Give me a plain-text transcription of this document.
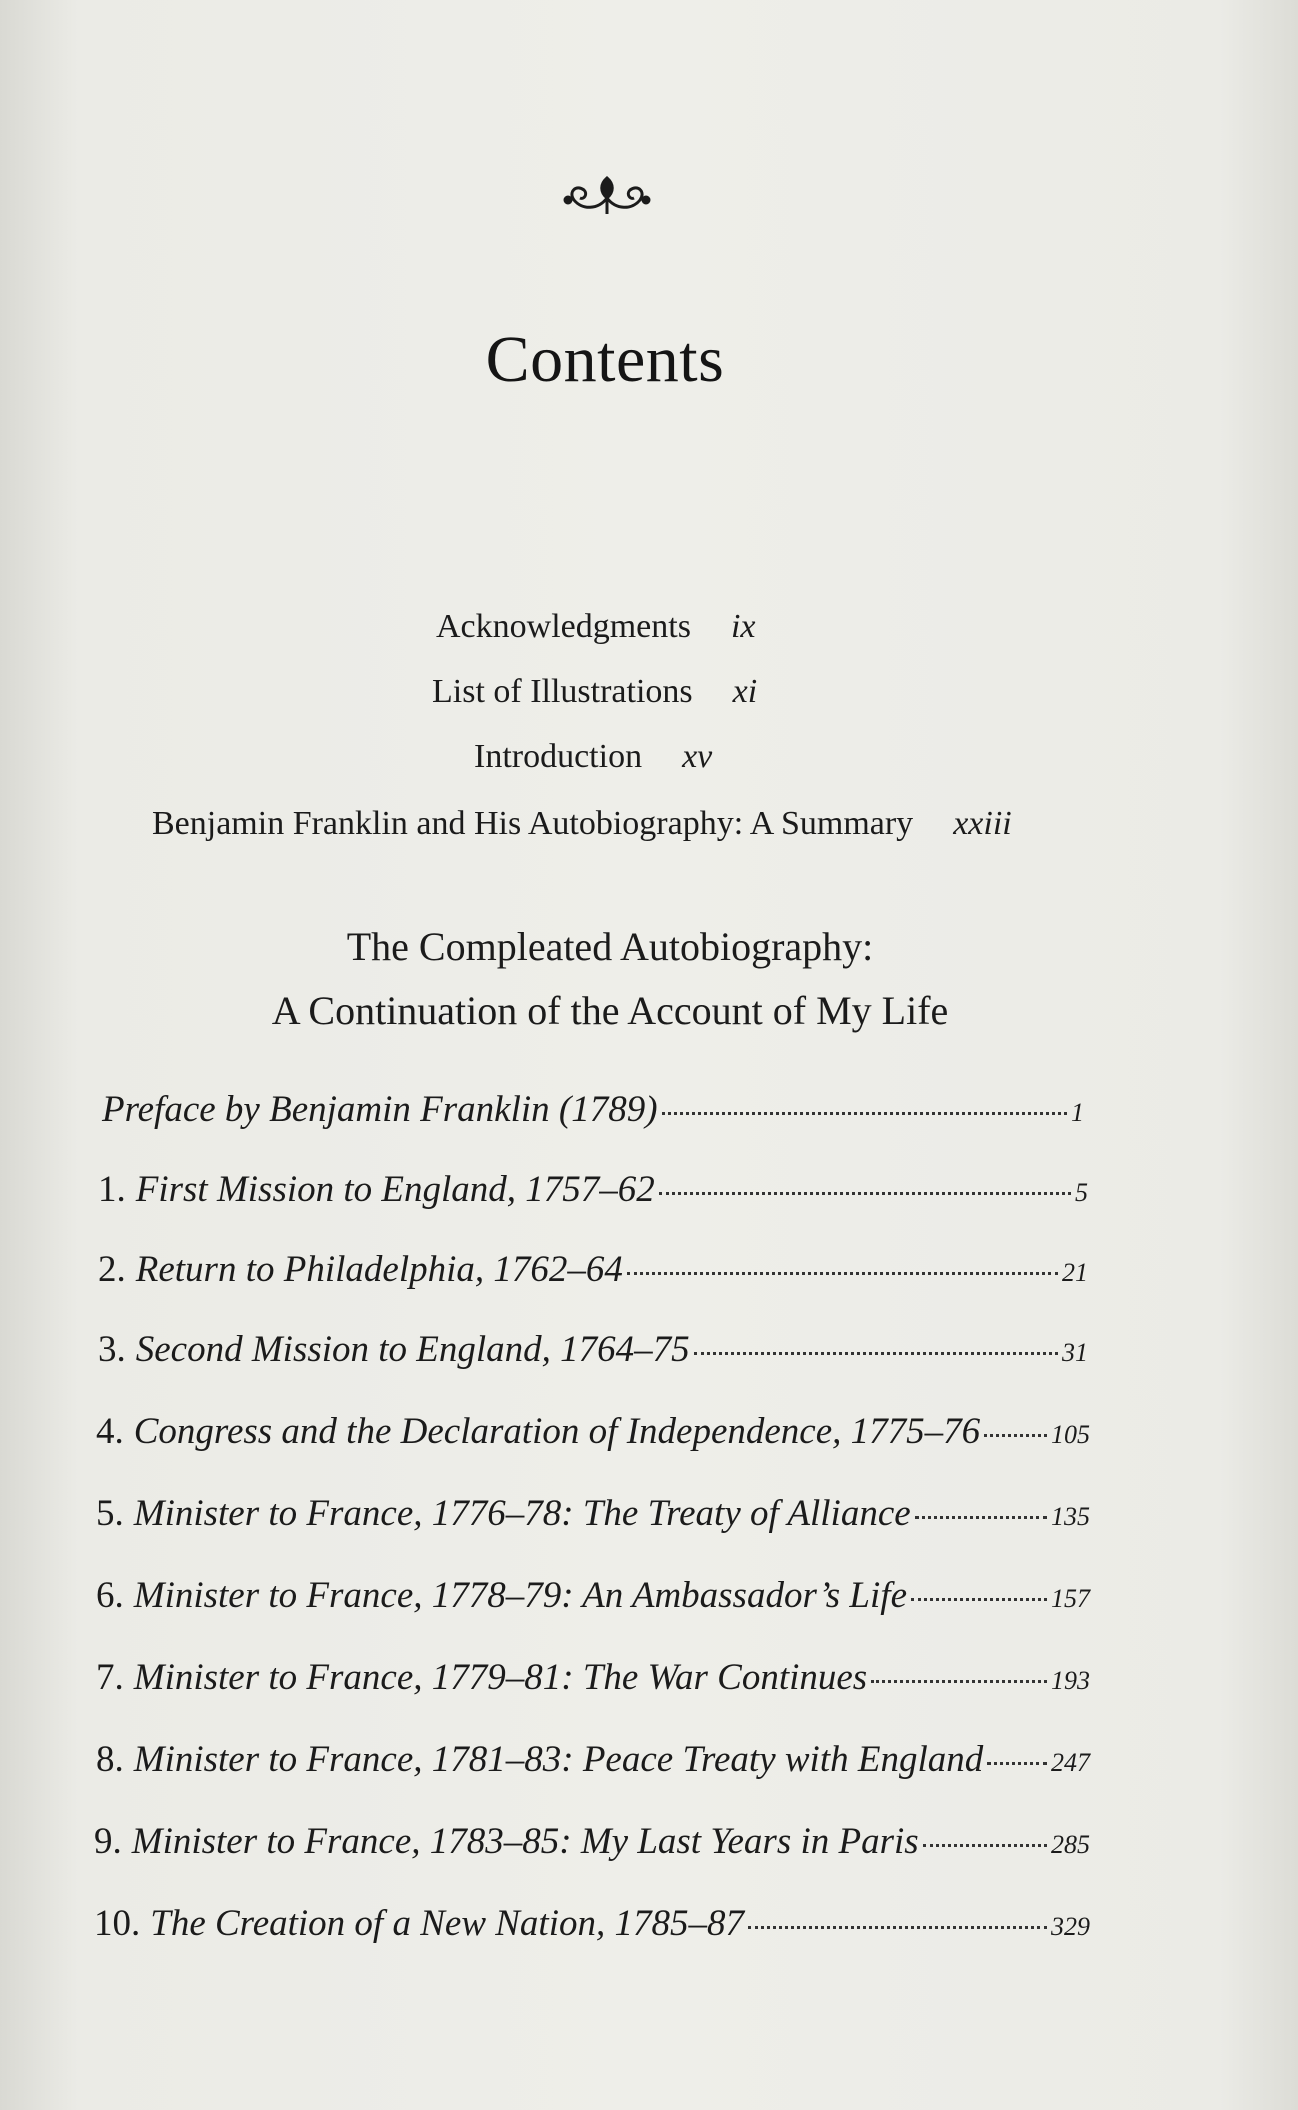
Contents
Acknowledgments ix
List of Illustrations xi
Introduction xv
Benjamin Franklin and His Autobiography: A Summary xxiii
The Compleated Autobiography:
A Continuation of the Account of My Life
Preface by Benjamin Franklin (1789)	1
1. First Mission to England, 1757–62	5
2. Return to Philadelphia, 1762–64	21
3. Second Mission to England, 1764–75	31
4. Congress and the Declaration of Independence, 1775–76	105
5. Minister to France, 1776–78: The Treaty of Alliance	135
6. Minister to France, 1778–79: An Ambassador’s Life	157
7. Minister to France, 1779–81: The War Continues	193
8. Minister to France, 1781–83: Peace Treaty with England	247
9. Minister to France, 1783–85: My Last Years in Paris	285
10. The Creation of a New Nation, 1785–87	329
